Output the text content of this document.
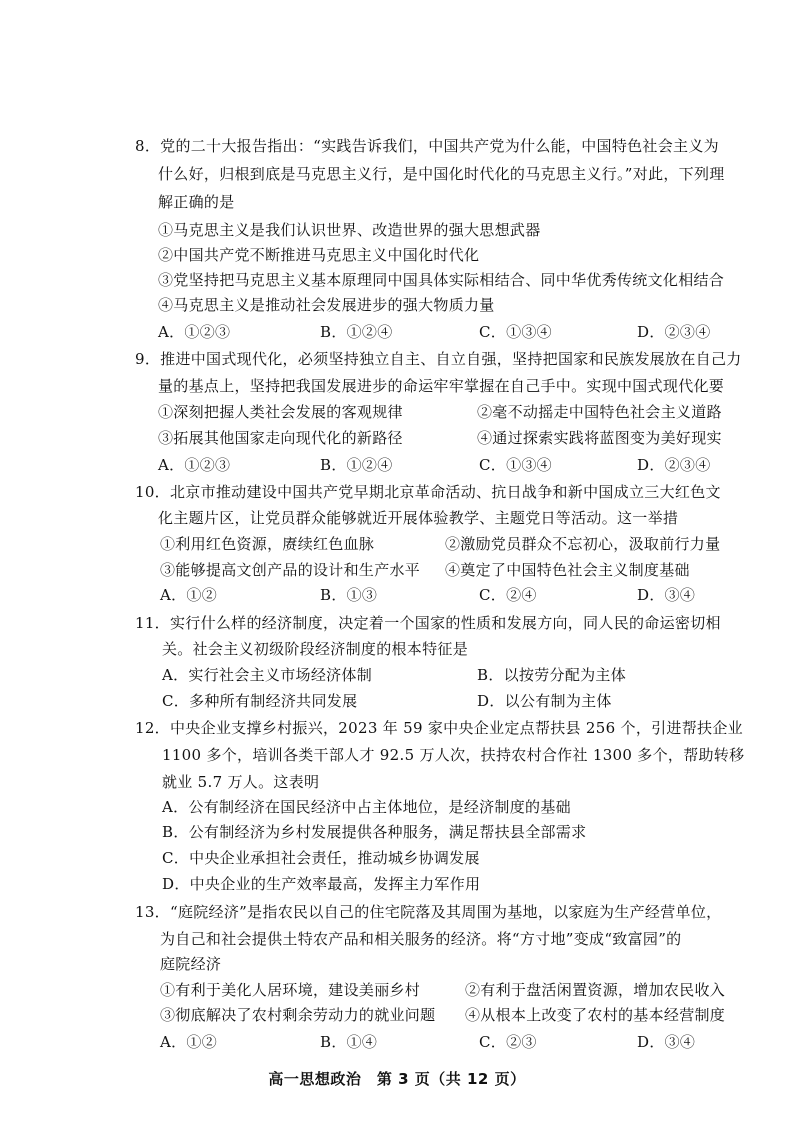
8．党的二十大报告指出：“实践告诉我们，中国共产党为什么能，中国特色社会主义为
什么好，归根到底是马克思主义行，是中国化时代化的马克思主义行。”对此，下列理
解正确的是
①马克思主义是我们认识世界、改造世界的强大思想武器
②中国共产党不断推进马克思主义中国化时代化
③党坚持把马克思主义基本原理同中国具体实际相结合、同中华优秀传统文化相结合
④马克思主义是推动社会发展进步的强大物质力量
A．①②③	B．①②④	C．①③④	D．②③④
9．推进中国式现代化，必须坚持独立自主、自立自强，坚持把国家和民族发展放在自己力
量的基点上，坚持把我国发展进步的命运牢牢掌握在自己手中。实现中国式现代化要
①深刻把握人类社会发展的客观规律	②毫不动摇走中国特色社会主义道路
③拓展其他国家走向现代化的新路径	④通过探索实践将蓝图变为美好现实
A．①②③	B．①②④	C．①③④	D．②③④
10．北京市推动建设中国共产党早期北京革命活动、抗日战争和新中国成立三大红色文
化主题片区，让党员群众能够就近开展体验教学、主题党日等活动。这一举措
①利用红色资源，赓续红色血脉	②激励党员群众不忘初心，汲取前行力量
③能够提高文创产品的设计和生产水平 ④奠定了中国特色社会主义制度基础
A．①②	B．①③	C．②④	D．③④
11．实行什么样的经济制度，决定着一个国家的性质和发展方向，同人民的命运密切相
关。社会主义初级阶段经济制度的根本特征是
A．实行社会主义市场经济体制	B．以按劳分配为主体
C．多种所有制经济共同发展	D．以公有制为主体
12．中央企业支撑乡村振兴，2023 年 59 家中央企业定点帮扶县 256 个，引进帮扶企业
1100 多个，培训各类干部人才 92.5 万人次，扶持农村合作社 1300 多个，帮助转移
就业 5.7 万人。这表明
A．公有制经济在国民经济中占主体地位，是经济制度的基础
B．公有制经济为乡村发展提供各种服务，满足帮扶县全部需求
C．中央企业承担社会责任，推动城乡协调发展
D．中央企业的生产效率最高，发挥主力军作用
13．“庭院经济”是指农民以自己的住宅院落及其周围为基地，以家庭为生产经营单位，
为自己和社会提供土特农产品和相关服务的经济。将“方寸地”变成“致富园”的
庭院经济
①有利于美化人居环境，建设美丽乡村	②有利于盘活闲置资源，增加农民收入
③彻底解决了农村剩余劳动力的就业问题 ④从根本上改变了农村的基本经营制度
A．①②	B．①④	C．②③	D．③④
高一思想政治　第 3 页（共 12 页）
